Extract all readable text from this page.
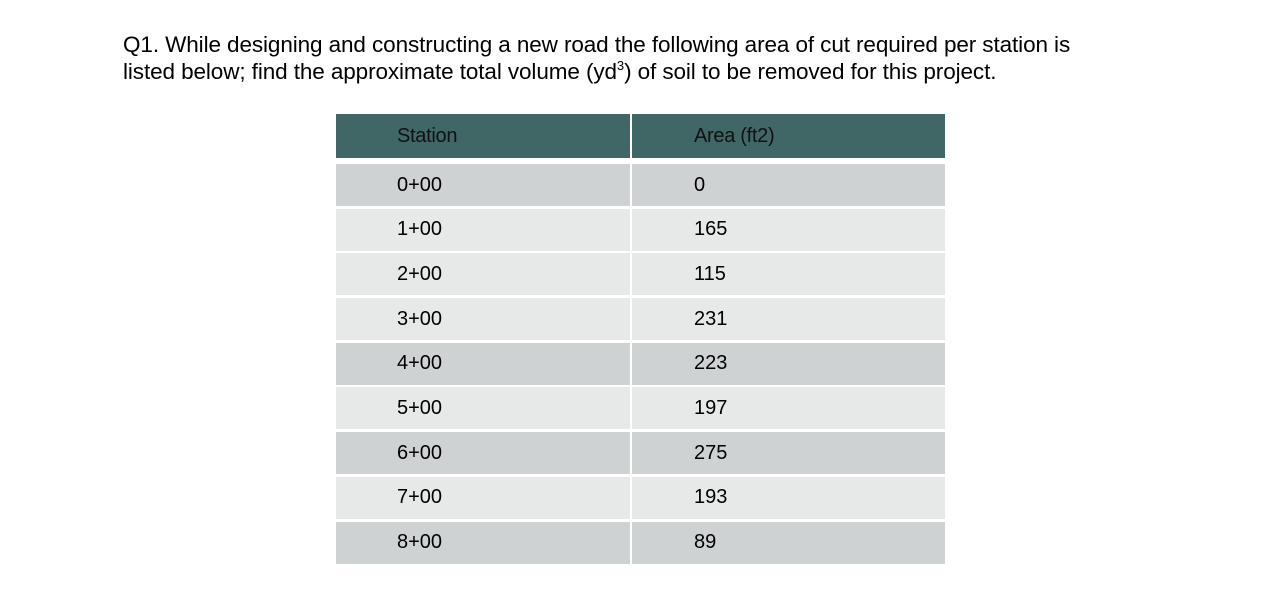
Q1. While designing and constructing a new road the following area of cut required per station is
listed below; find the approximate total volume $(yd^3)$ of soil to be removed for this project.
Station	Area (ft2)
0+00	0
1+00	165
2+00	115
3+00	231
4+00	223
5+00	197
6+00	275
7+00	193
8+00	89
